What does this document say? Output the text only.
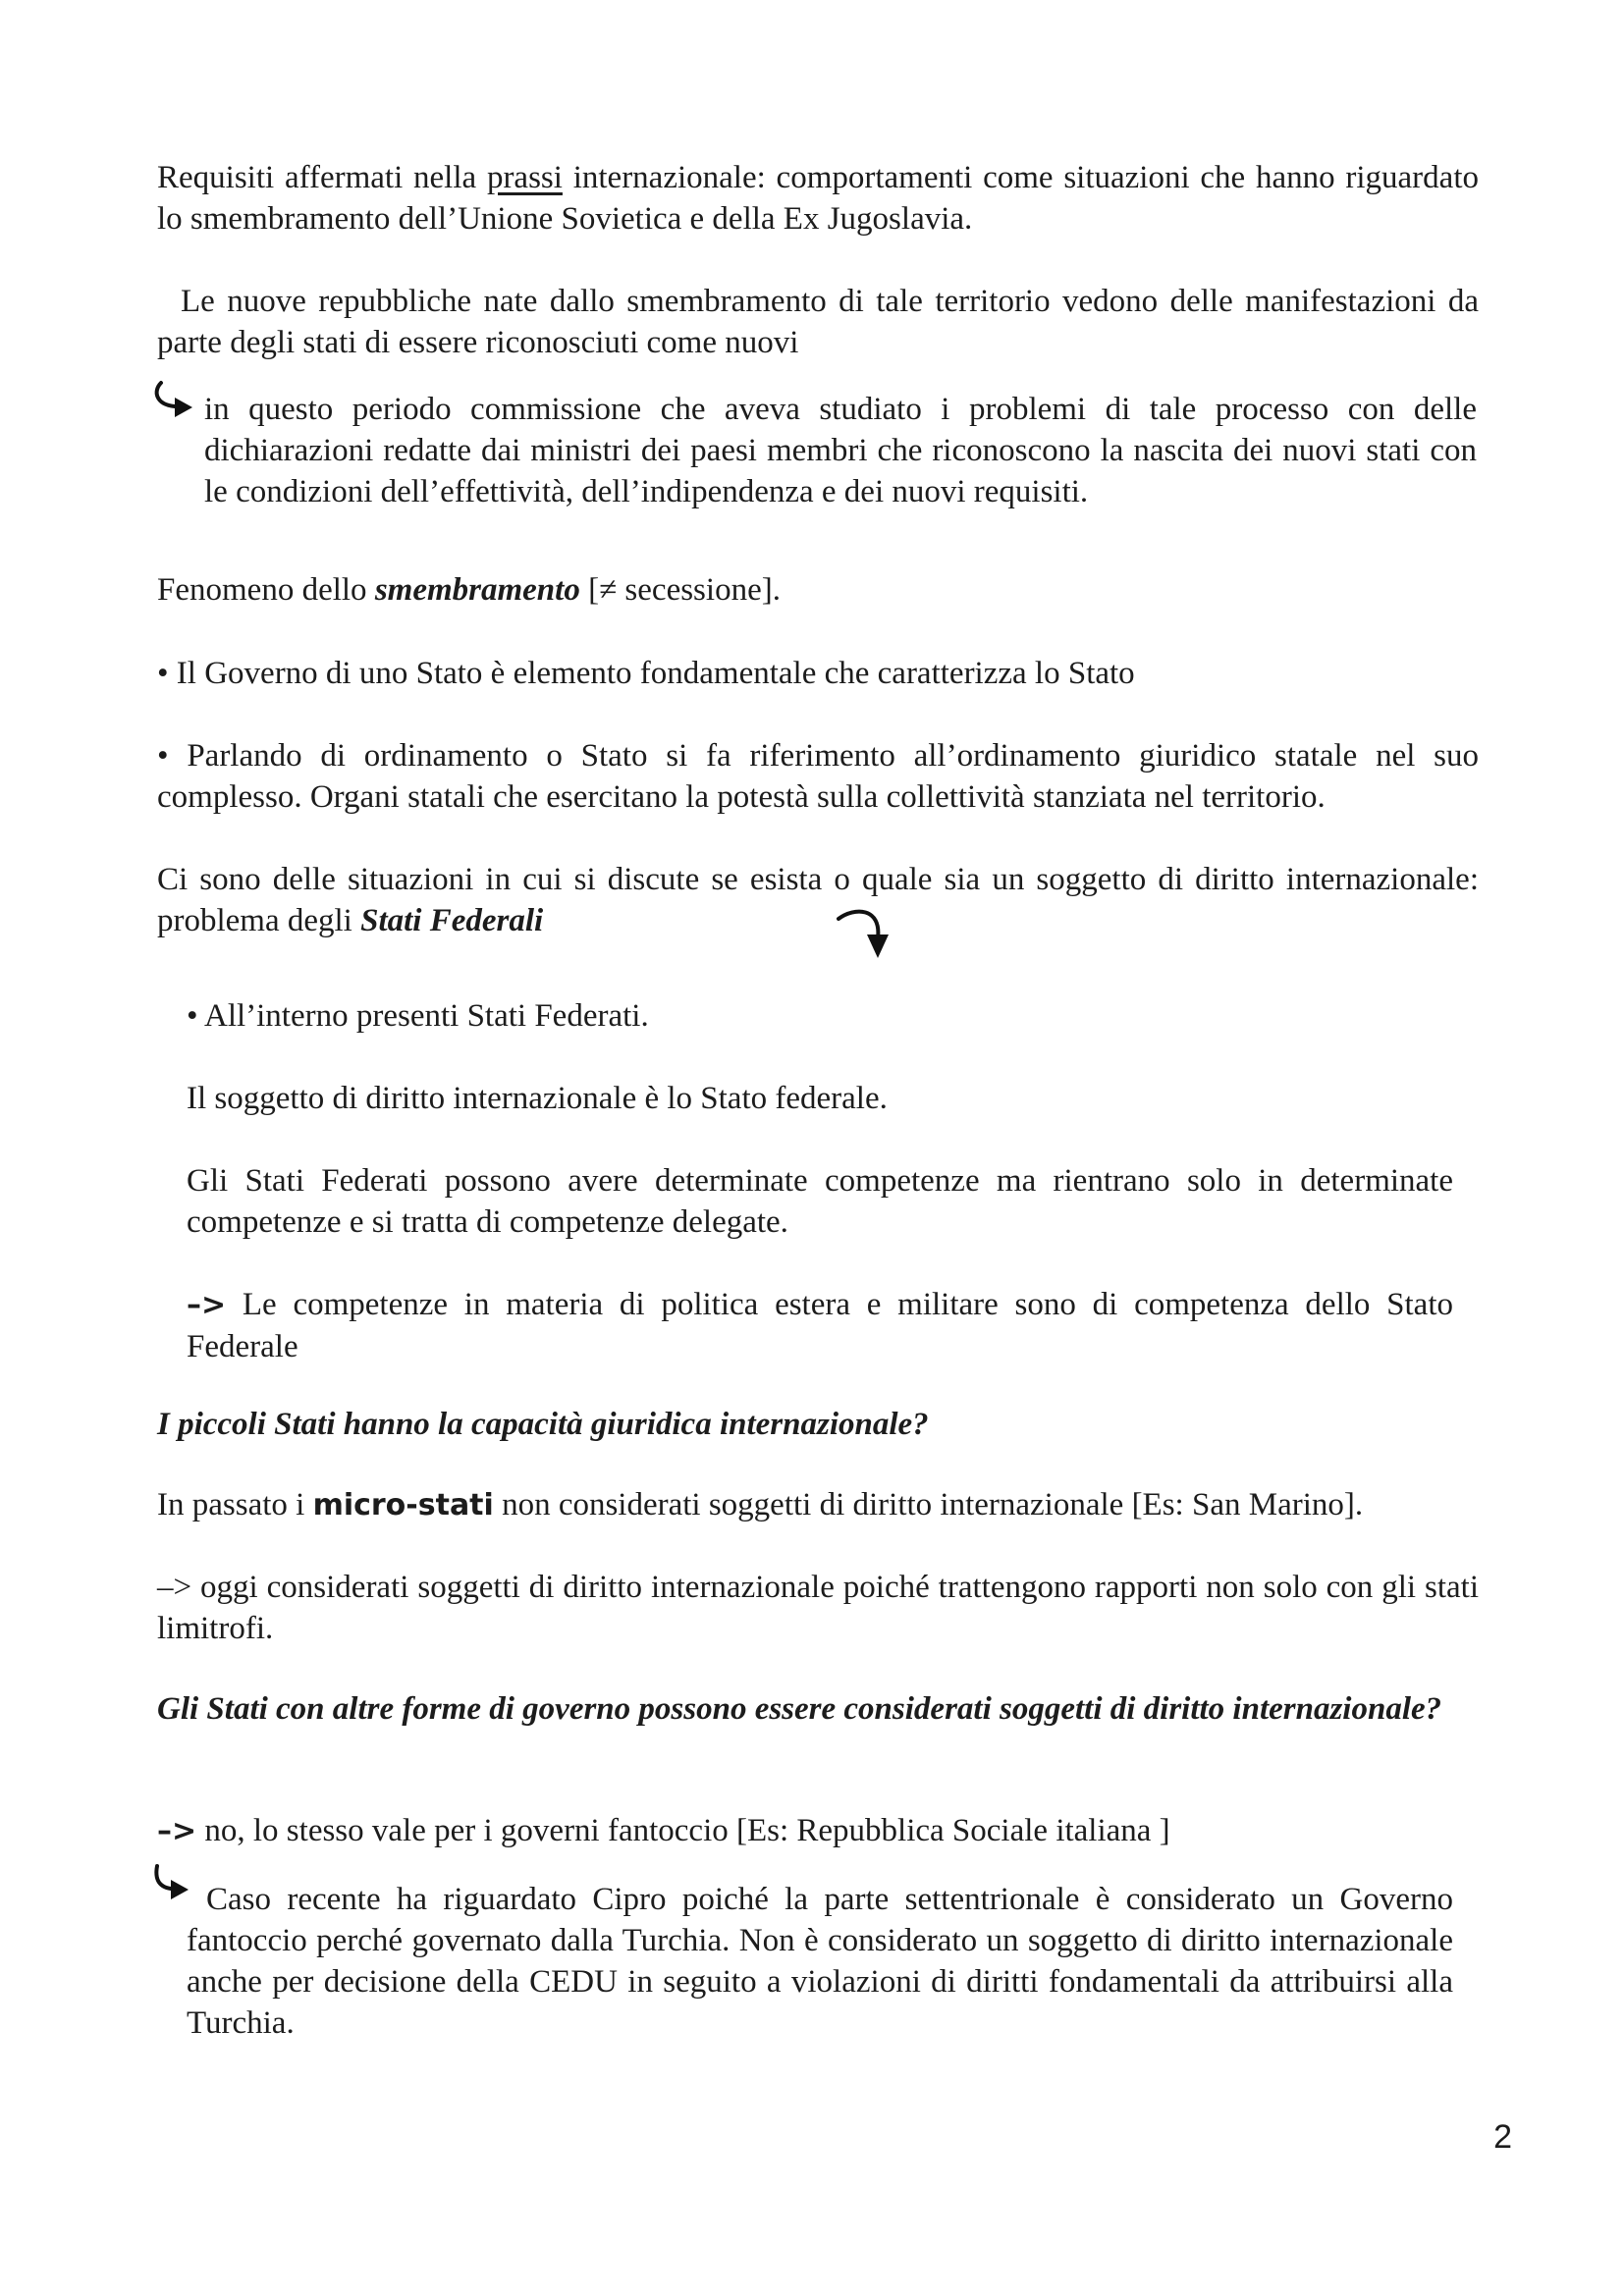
Requisiti affermati nella prassi internazionale: comportamenti come situazioni che hanno riguardato lo smembramento dell’Unione Sovietica e della Ex Jugoslavia.

Le nuove repubbliche nate dallo smembramento di tale territorio vedono delle manifestazioni da parte degli stati di essere riconosciuti come nuovi

in questo periodo commissione che aveva studiato i problemi di tale processo con delle dichiarazioni redatte dai ministri dei paesi membri che riconoscono la nascita dei nuovi stati con le condizioni dell’effettività, dell’indipendenza e dei nuovi requisiti.

Fenomeno dello smembramento [≠ secessione].

• Il Governo di uno Stato è elemento fondamentale che caratterizza lo Stato

• Parlando di ordinamento o Stato si fa riferimento all’ordinamento giuridico statale nel suo complesso. Organi statali che esercitano la potestà sulla collettività stanziata nel territorio.

Ci sono delle situazioni in cui si discute se esista o quale sia un soggetto di diritto internazionale: problema degli Stati Federali

• All’interno presenti Stati Federati.

Il soggetto di diritto internazionale è lo Stato federale.

Gli Stati Federati possono avere determinate competenze ma rientrano solo in determinate competenze e si tratta di competenze delegate.

–> Le competenze in materia di politica estera e militare sono di competenza dello Stato Federale

I piccoli Stati hanno la capacità giuridica internazionale?

In passato i micro-stati non considerati soggetti di diritto internazionale [Es: San Marino].

–> oggi considerati soggetti di diritto internazionale poiché trattengono rapporti non solo con gli stati limitrofi.

Gli Stati con altre forme di governo possono essere considerati soggetti di diritto internazionale?

–> no, lo stesso vale per i governi fantoccio [Es: Repubblica Sociale italiana ]

Caso recente ha riguardato Cipro poiché la parte settentrionale è considerato un Governo fantoccio perché governato dalla Turchia. Non è considerato un soggetto di diritto internazionale anche per decisione della CEDU in seguito a violazioni di diritti fondamentali da attribuirsi alla Turchia.

2
